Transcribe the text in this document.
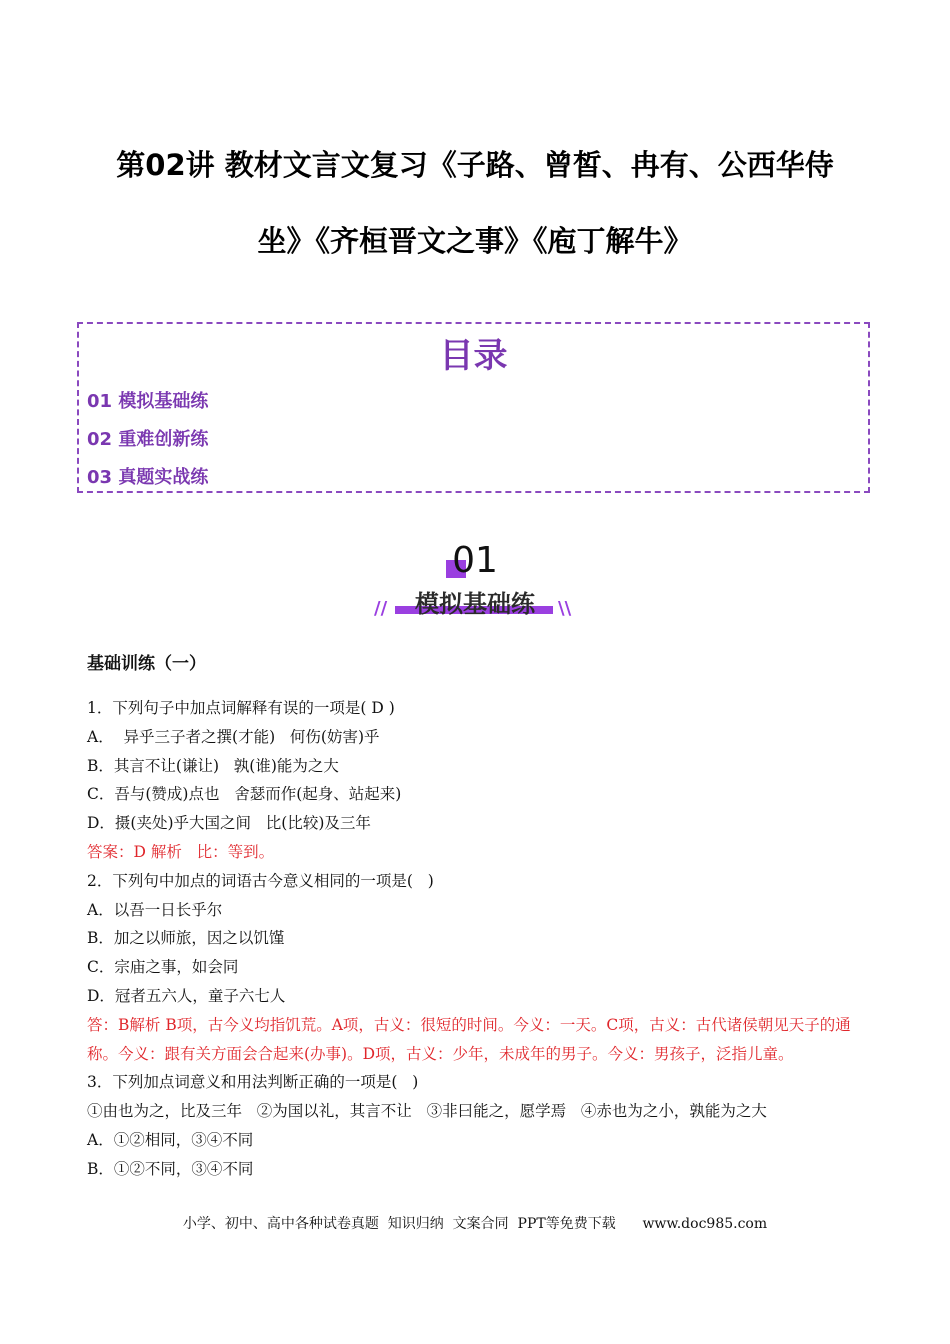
第02讲 教材文言文复习《子路、曾皙、冉有、公西华侍
坐》《齐桓晋文之事》《庖丁解牛》
目录
01 模拟基础练
02 重难创新练
03 真题实战练
01
//	模拟基础练	\\
基础训练（一）
1．下列句子中加点词解释有误的一项是( D )
A．  异乎三子者之撰(才能)   何伤(妨害)乎
B．其言不让(谦让)   孰(谁)能为之大
C．吾与(赞成)点也   舍瑟而作(起身、站起来)
D．摄(夹处)乎大国之间   比(比较)及三年
答案：D 解析   比：等到。
2．下列句中加点的词语古今意义相同的一项是(   )
A．以吾一日长乎尔
B．加之以师旅，因之以饥馑
C．宗庙之事，如会同
D．冠者五六人，童子六七人
答：B解析 B项，古今义均指饥荒。A项，古义：很短的时间。今义：一天。C项，古义：古代诸侯朝见天子的通称。今义：跟有关方面会合起来(办事)。D项，古义：少年，未成年的男子。今义：男孩子，泛指儿童。
3．下列加点词意义和用法判断正确的一项是(   )
①由也为之，比及三年   ②为国以礼，其言不让   ③非曰能之，愿学焉   ④赤也为之小，孰能为之大
A．①②相同，③④不同
B．①②不同，③④不同
小学、初中、高中各种试卷真题  知识归纳  文案合同  PPT等免费下载      www.doc985.com
